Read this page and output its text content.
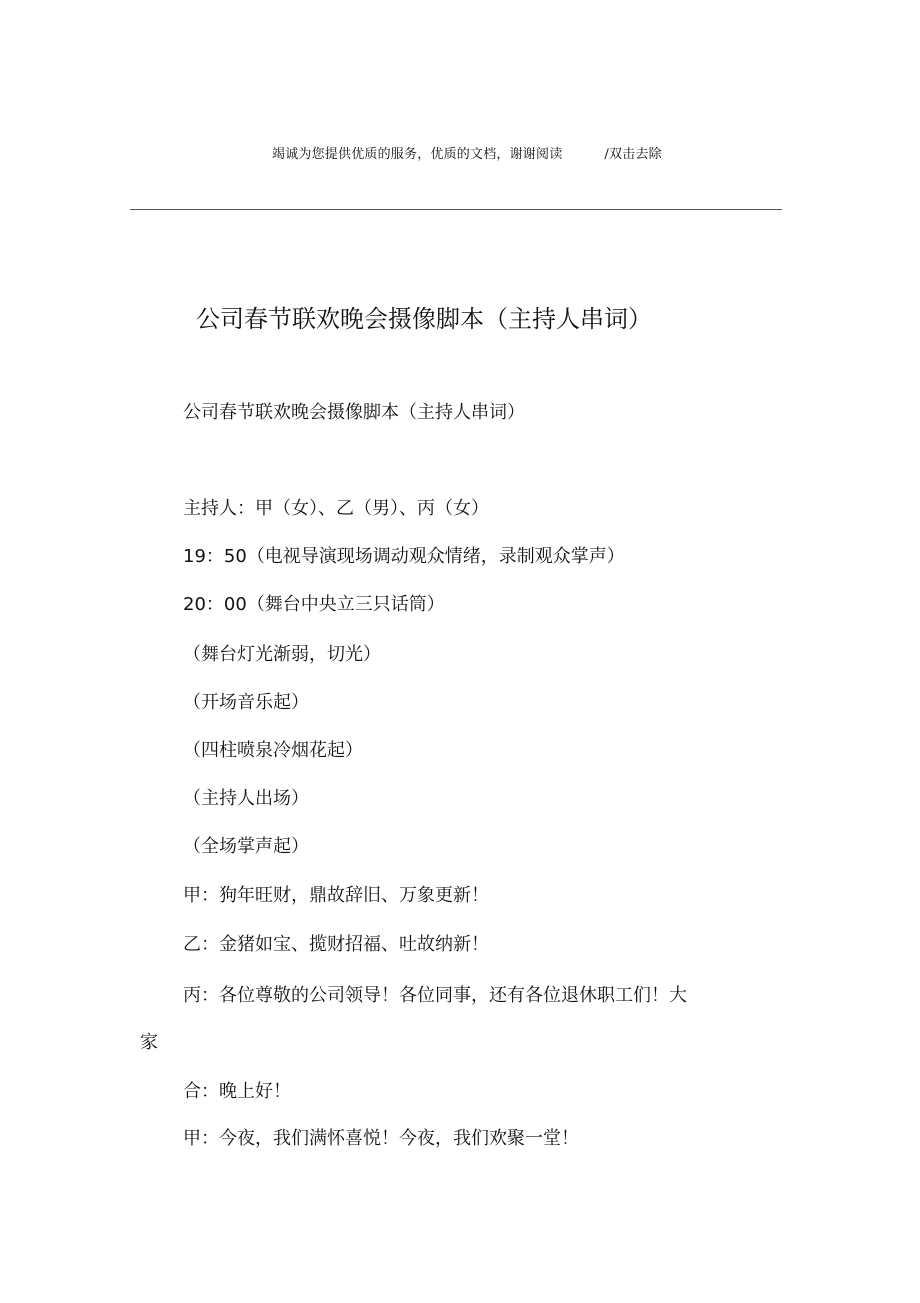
竭诚为您提供优质的服务，优质的文档，谢谢阅读	/双击去除
公司春节联欢晚会摄像脚本（主持人串词）
公司春节联欢晚会摄像脚本（主持人串词）
主持人：甲（女）、乙（男）、丙（女）
19：50（电视导演现场调动观众情绪，录制观众掌声）
20：00（舞台中央立三只话筒）
（舞台灯光渐弱，切光）
（开场音乐起）
（四柱喷泉冷烟花起）
（主持人出场）
（全场掌声起）
甲：狗年旺财，鼎故辞旧、万象更新！
乙：金猪如宝、揽财招福、吐故纳新！
丙：各位尊敬的公司领导！各位同事，还有各位退休职工们！大
家
合：晚上好！
甲：今夜，我们满怀喜悦！今夜，我们欢聚一堂！
